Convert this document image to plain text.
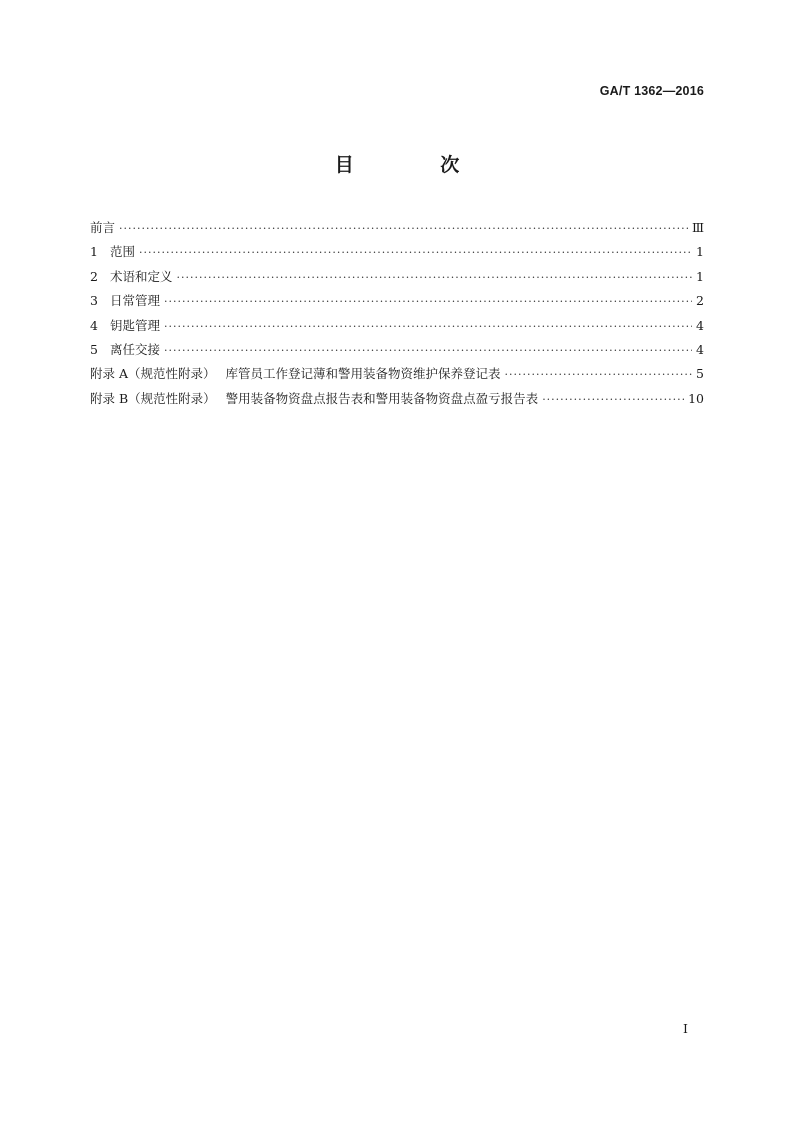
GA/T 1362—2016
目 次
前言 ·····	Ⅲ
1 范围 ·····	1
2 术语和定义 ·····	1
3 日常管理 ·····	2
4 钥匙管理 ·····	4
5 离任交接 ·····	4
附录 A（规范性附录） 库管员工作登记薄和警用装备物资维护保养登记表 ·····	5
附录 B（规范性附录） 警用装备物资盘点报告表和警用装备物资盘点盈亏报告表 ·····	10
I
